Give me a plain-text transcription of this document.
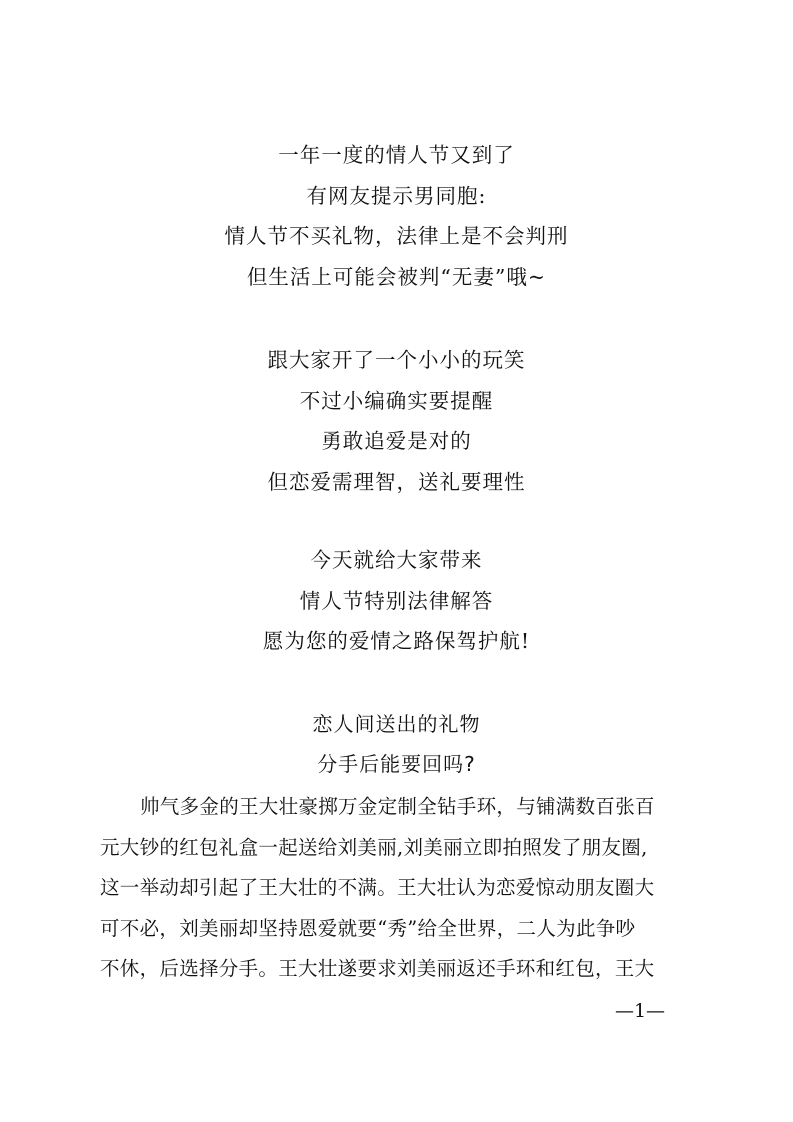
一年一度的情人节又到了
有网友提示男同胞:
情人节不买礼物，法律上是不会判刑
但生活上可能会被判“无妻”哦~
跟大家开了一个小小的玩笑
不过小编确实要提醒
勇敢追爱是对的
但恋爱需理智，送礼要理性
今天就给大家带来
情人节特别法律解答
愿为您的爱情之路保驾护航!
恋人间送出的礼物
分手后能要回吗?
帅气多金的王大壮豪掷万金定制全钻手环，与铺满数百张百
元大钞的红包礼盒一起送给刘美丽,刘美丽立即拍照发了朋友圈,
这一举动却引起了王大壮的不满。王大壮认为恋爱惊动朋友圈大
可不必，刘美丽却坚持恩爱就要“秀”给全世界，二人为此争吵
不休，后选择分手。王大壮遂要求刘美丽返还手环和红包，王大
—1—
